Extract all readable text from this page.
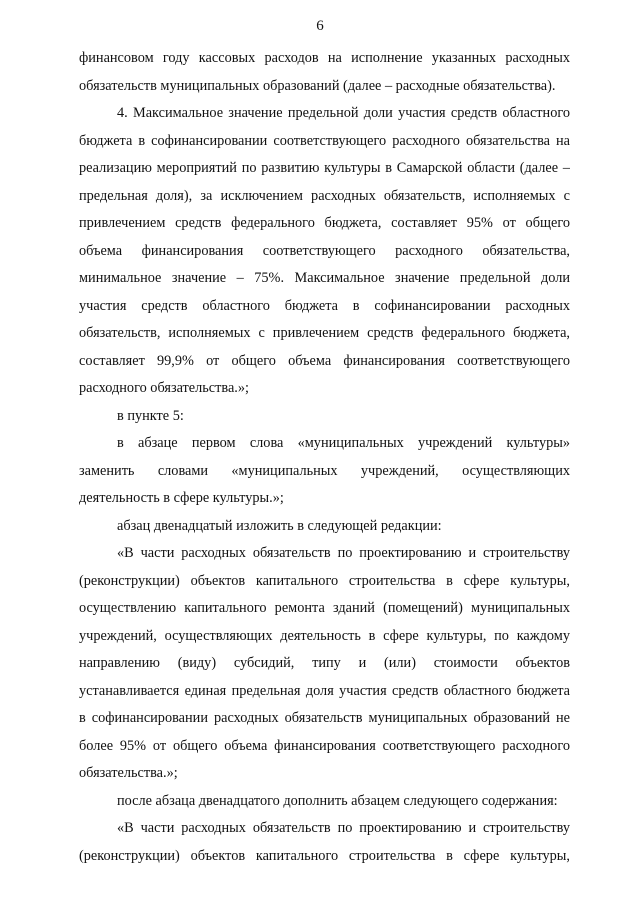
6
финансовом году кассовых расходов на исполнение указанных расходных
обязательств муниципальных образований (далее – расходные обязательства).
4. Максимальное значение предельной доли участия средств областного
бюджета в софинансировании соответствующего расходного обязательства на
реализацию мероприятий по развитию культуры в Самарской области (далее –
предельная доля), за исключением расходных обязательств, исполняемых с
привлечением средств федерального бюджета, составляет 95% от общего
объема финансирования соответствующего расходного обязательства,
минимальное значение – 75%. Максимальное значение предельной доли
участия средств областного бюджета в софинансировании расходных
обязательств, исполняемых с привлечением средств федерального бюджета,
составляет 99,9% от общего объема финансирования соответствующего
расходного обязательства.»;
в пункте 5:
в абзаце первом слова «муниципальных учреждений культуры»
заменить словами «муниципальных учреждений, осуществляющих
деятельность в сфере культуры.»;
абзац двенадцатый изложить в следующей редакции:
«В части расходных обязательств по проектированию и строительству
(реконструкции) объектов капитального строительства в сфере культуры,
осуществлению капитального ремонта зданий (помещений) муниципальных
учреждений, осуществляющих деятельность в сфере культуры, по каждому
направлению (виду) субсидий, типу и (или) стоимости объектов
устанавливается единая предельная доля участия средств областного бюджета
в софинансировании расходных обязательств муниципальных образований не
более 95% от общего объема финансирования соответствующего расходного
обязательства.»;
после абзаца двенадцатого дополнить абзацем следующего содержания:
«В части расходных обязательств по проектированию и строительству
(реконструкции) объектов капитального строительства в сфере культуры,
